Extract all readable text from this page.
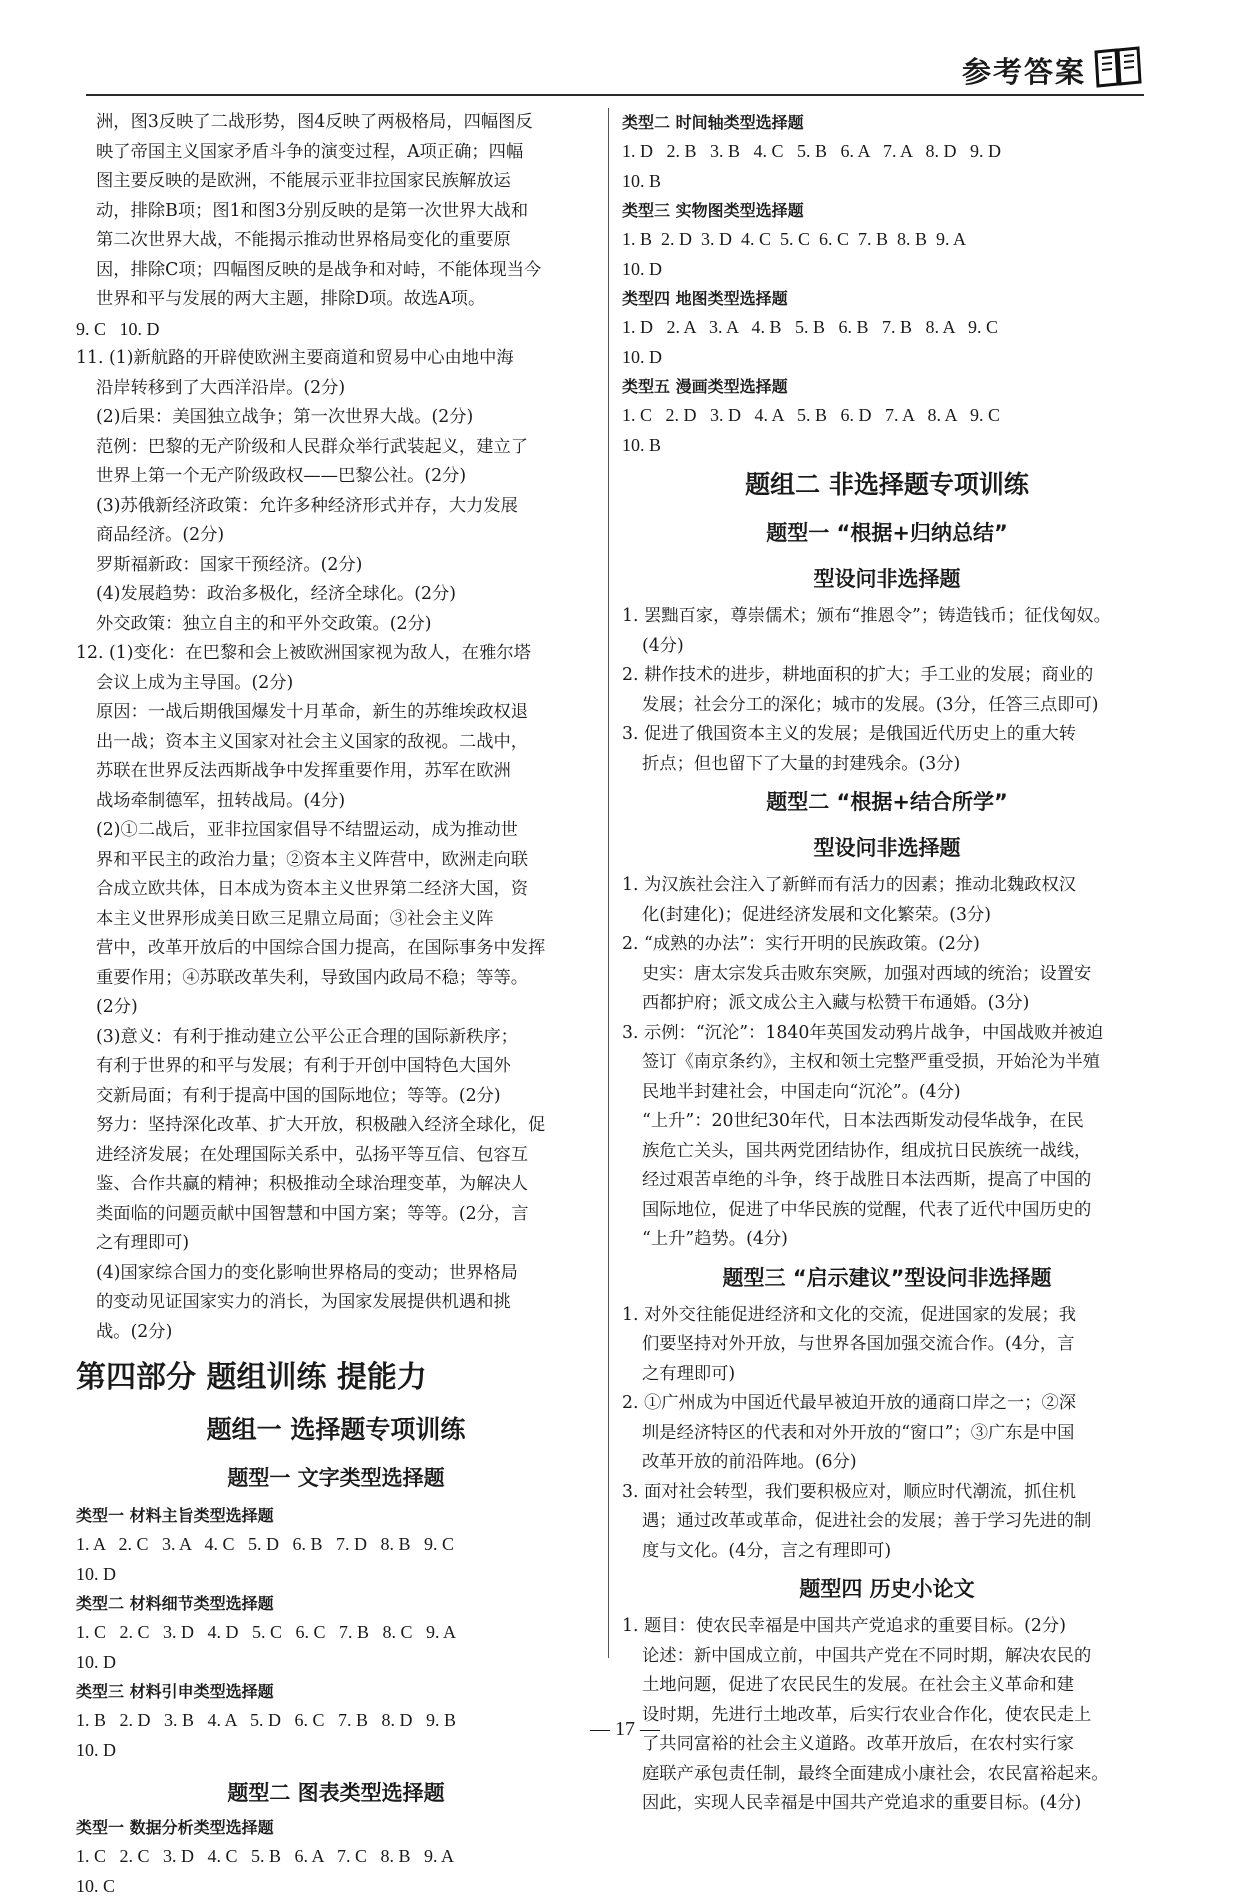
参考答案

洲，图3反映了二战形势，图4反映了两极格局，四幅图反

映了帝国主义国家矛盾斗争的演变过程，A项正确；四幅

图主要反映的是欧洲，不能展示亚非拉国家民族解放运

动，排除B项；图1和图3分别反映的是第一次世界大战和

第二次世界大战，不能揭示推动世界格局变化的重要原

因，排除C项；四幅图反映的是战争和对峙，不能体现当今

世界和平与发展的两大主题，排除D项。故选A项。

9. C   10. D

11. (1)新航路的开辟使欧洲主要商道和贸易中心由地中海

沿岸转移到了大西洋沿岸。(2分)

(2)后果：美国独立战争；第一次世界大战。(2分)

范例：巴黎的无产阶级和人民群众举行武装起义，建立了

世界上第一个无产阶级政权——巴黎公社。(2分)

(3)苏俄新经济政策：允许多种经济形式并存，大力发展

商品经济。(2分)

罗斯福新政：国家干预经济。(2分)

(4)发展趋势：政治多极化，经济全球化。(2分)

外交政策：独立自主的和平外交政策。(2分)

12. (1)变化：在巴黎和会上被欧洲国家视为敌人，在雅尔塔

会议上成为主导国。(2分)

原因：一战后期俄国爆发十月革命，新生的苏维埃政权退

出一战；资本主义国家对社会主义国家的敌视。二战中，

苏联在世界反法西斯战争中发挥重要作用，苏军在欧洲

战场牵制德军，扭转战局。(4分)

(2)①二战后，亚非拉国家倡导不结盟运动，成为推动世

界和平民主的政治力量；②资本主义阵营中，欧洲走向联

合成立欧共体，日本成为资本主义世界第二经济大国，资

本主义世界形成美日欧三足鼎立局面；③社会主义阵

营中，改革开放后的中国综合国力提高，在国际事务中发挥

重要作用；④苏联改革失利，导致国内政局不稳；等等。

(2分)

(3)意义：有利于推动建立公平公正合理的国际新秩序；

有利于世界的和平与发展；有利于开创中国特色大国外

交新局面；有利于提高中国的国际地位；等等。(2分)

努力：坚持深化改革、扩大开放，积极融入经济全球化，促

进经济发展；在处理国际关系中，弘扬平等互信、包容互

鉴、合作共赢的精神；积极推动全球治理变革，为解决人

类面临的问题贡献中国智慧和中国方案；等等。(2分，言

之有理即可)

(4)国家综合国力的变化影响世界格局的变动；世界格局

的变动见证国家实力的消长，为国家发展提供机遇和挑

战。(2分)

第四部分 题组训练 提能力

题组一 选择题专项训练

题型一 文字类型选择题

类型一 材料主旨类型选择题

1. A   2. C   3. A   4. C   5. D   6. B   7. D   8. B   9. C

10. D

类型二 材料细节类型选择题

1. C   2. C   3. D   4. D   5. C   6. C   7. B   8. C   9. A

10. D

类型三 材料引申类型选择题

1. B   2. D   3. B   4. A   5. D   6. C   7. B   8. D   9. B

10. D

题型二 图表类型选择题

类型一 数据分析类型选择题

1. C   2. C   3. D   4. C   5. B   6. A   7. C   8. B   9. A

10. C

类型二 时间轴类型选择题

1. D   2. B   3. B   4. C   5. B   6. A   7. A   8. D   9. D

10. B

类型三 实物图类型选择题

1. B  2. D  3. D  4. C  5. C  6. C  7. B  8. B  9. A

10. D

类型四 地图类型选择题

1. D   2. A   3. A   4. B   5. B   6. B   7. B   8. A   9. C

10. D

类型五 漫画类型选择题

1. C   2. D   3. D   4. A   5. B   6. D   7. A   8. A   9. C

10. B

题组二 非选择题专项训练

题型一 “根据+归纳总结”

型设问非选择题

1. 罢黜百家，尊崇儒术；颁布“推恩令”；铸造钱币；征伐匈奴。

(4分)

2. 耕作技术的进步，耕地面积的扩大；手工业的发展；商业的

发展；社会分工的深化；城市的发展。(3分，任答三点即可)

3. 促进了俄国资本主义的发展；是俄国近代历史上的重大转

折点；但也留下了大量的封建残余。(3分)

题型二 “根据+结合所学”

型设问非选择题

1. 为汉族社会注入了新鲜而有活力的因素；推动北魏政权汉

化(封建化)；促进经济发展和文化繁荣。(3分)

2. “成熟的办法”：实行开明的民族政策。(2分)

史实：唐太宗发兵击败东突厥，加强对西域的统治；设置安

西都护府；派文成公主入藏与松赞干布通婚。(3分)

3. 示例：“沉沦”：1840年英国发动鸦片战争，中国战败并被迫

签订《南京条约》，主权和领土完整严重受损，开始沦为半殖

民地半封建社会，中国走向“沉沦”。(4分)

“上升”：20世纪30年代，日本法西斯发动侵华战争，在民

族危亡关头，国共两党团结协作，组成抗日民族统一战线，

经过艰苦卓绝的斗争，终于战胜日本法西斯，提高了中国的

国际地位，促进了中华民族的觉醒，代表了近代中国历史的

“上升”趋势。(4分)

题型三 “启示建议”型设问非选择题

1. 对外交往能促进经济和文化的交流，促进国家的发展；我

们要坚持对外开放，与世界各国加强交流合作。(4分，言

之有理即可)

2. ①广州成为中国近代最早被迫开放的通商口岸之一；②深

圳是经济特区的代表和对外开放的“窗口”；③广东是中国

改革开放的前沿阵地。(6分)

3. 面对社会转型，我们要积极应对，顺应时代潮流，抓住机

遇；通过改革或革命，促进社会的发展；善于学习先进的制

度与文化。(4分，言之有理即可)

题型四 历史小论文

1. 题目：使农民幸福是中国共产党追求的重要目标。(2分)

论述：新中国成立前，中国共产党在不同时期，解决农民的

土地问题，促进了农民民生的发展。在社会主义革命和建

设时期，先进行土地改革，后实行农业合作化，使农民走上

了共同富裕的社会主义道路。改革开放后，在农村实行家

庭联产承包责任制，最终全面建成小康社会，农民富裕起来。

因此，实现人民幸福是中国共产党追求的重要目标。(4分)

— 17 —
